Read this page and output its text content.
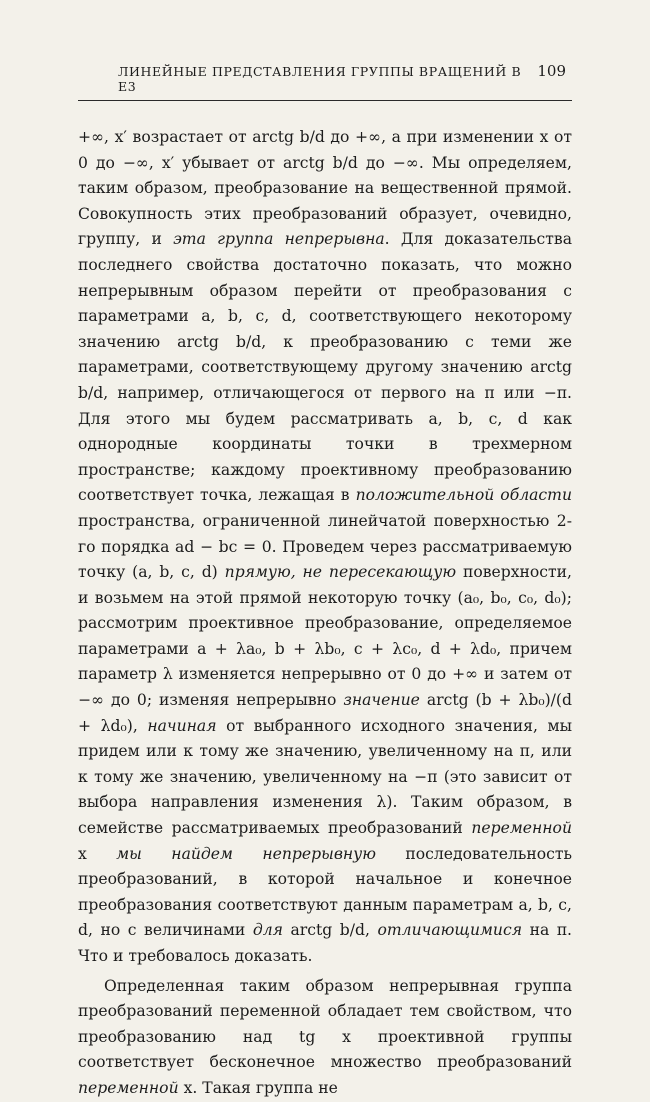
ЛИНЕЙНЫЕ ПРЕДСТАВЛЕНИЯ ГРУППЫ ВРАЩЕНИЙ В E3
109

+∞, x′ возрастает от arctg b/d до +∞, а при изменении x от 0 до −∞, x′ убывает от arctg b/d до −∞. Мы определяем, таким образом, преобразование на вещественной прямой. Совокупность этих преобразований образует, очевидно, группу, и эта группа непрерывна. Для доказательства последнего свойства достаточно показать, что можно непрерывным образом перейти от преобразования с параметрами a, b, c, d, соответствующего некоторому значению arctg b/d, к преобразованию с теми же параметрами, соответствующему другому значению arctg b/d, например, отличающегося от первого на π или −π. Для этого мы будем рассматривать a, b, c, d как однородные координаты точки в трехмерном пространстве; каждому проективному преобразованию соответствует точка, лежащая в положительной области пространства, ограниченной линейчатой поверхностью 2-го порядка ad − bc = 0. Проведем через рассматриваемую точку (a, b, c, d) прямую, не пересекающую поверхности, и возьмем на этой прямой некоторую точку (a₀, b₀, c₀, d₀); рассмотрим проективное преобразование, определяемое параметрами a + λa₀, b + λb₀, c + λc₀, d + λd₀, причем параметр λ изменяется непрерывно от 0 до +∞ и затем от −∞ до 0; изменяя непрерывно значение arctg (b + λb₀)/(d + λd₀), начиная от выбранного исходного значения, мы придем или к тому же значению, увеличенному на π, или к тому же значению, увеличенному на −π (это зависит от выбора направления изменения λ). Таким образом, в семействе рассматриваемых преобразований переменной x мы найдем непрерывную последовательность преобразований, в которой начальное и конечное преобразования соответствуют данным параметрам a, b, c, d, но с величинами для arctg b/d, отличающимися на π. Что и требовалось доказать.

Определенная таким образом непрерывная группа преобразований переменной обладает тем свойством, что преобразованию над tg x проективной группы соответствует бесконечное множество преобразований переменной x. Такая группа не
